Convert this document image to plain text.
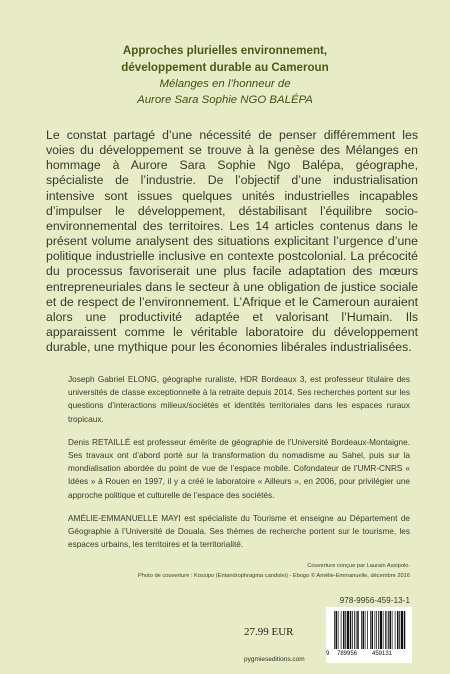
Approches plurielles environnement,

développement durable au Cameroun

Mélanges en l’honneur de

Aurore Sara Sophie NGO BALÉPA

Le constat partagé d’une nécessité de penser différemment les voies du développement se trouve à la genèse des Mélanges en hommage à Aurore Sara Sophie Ngo Balépa, géographe, spécialiste de l’industrie. De l’objectif d’une industrialisation intensive sont issues quelques unités industrielles incapables d’impulser le développement, déstabilisant l’équilibre socio-environnemental des territoires. Les 14 articles contenus dans le présent volume analysent des situations explicitant l’urgence d’une politique industrielle inclusive en contexte postcolonial. La précocité du processus favoriserait une plus facile adaptation des mœurs entrepreneuriales dans le secteur à une obligation de justice sociale et de respect de l’environnement. L’Afrique et le Cameroun auraient alors une productivité adaptée et valorisant l’Humain. Ils apparaissent comme le véritable laboratoire du développement durable, une mythique pour les économies libérales industrialisées.

Joseph Gabriel ELONG, géographe ruraliste, HDR Bordeaux 3, est professeur titulaire des universités de classe exceptionnelle à la retraite depuis 2014. Ses recherches portent sur les questions d’interactions milieux/sociétés et identités territoriales dans les espaces ruraux tropicaux.

Denis RETAILLÉ est professeur émérite de géographie de l’Université Bordeaux-Montaigne. Ses travaux ont d’abord porté sur la transformation du nomadisme au Sahel, puis sur la mondialisation abordée du point de vue de l’espace mobile. Cofondateur de l’UMR-CNRS « Idées » à Rouen en 1997, il y a créé le laboratoire « Ailleurs », en 2006, pour privilégier une approche politique et culturelle de l’espace des sociétés.

AMÉLIE-EMMANUELLE MAYI est spécialiste du Tourisme et enseigne au Département de Géographie à l’Université de Douala. Ses thèmes de recherche portent sur le tourisme, les espaces urbains, les territoires et la territorialité.

Couverture conçue par Laurain Assipolo.
Photo de couverture : Kossipo (Entandrophragma candolei) - Ebogo © Amélie-Emmanuelle, décembre 2016
978-9956-459-13-1
27.99 EUR
pygmieseditions.com
9 789956 459131
